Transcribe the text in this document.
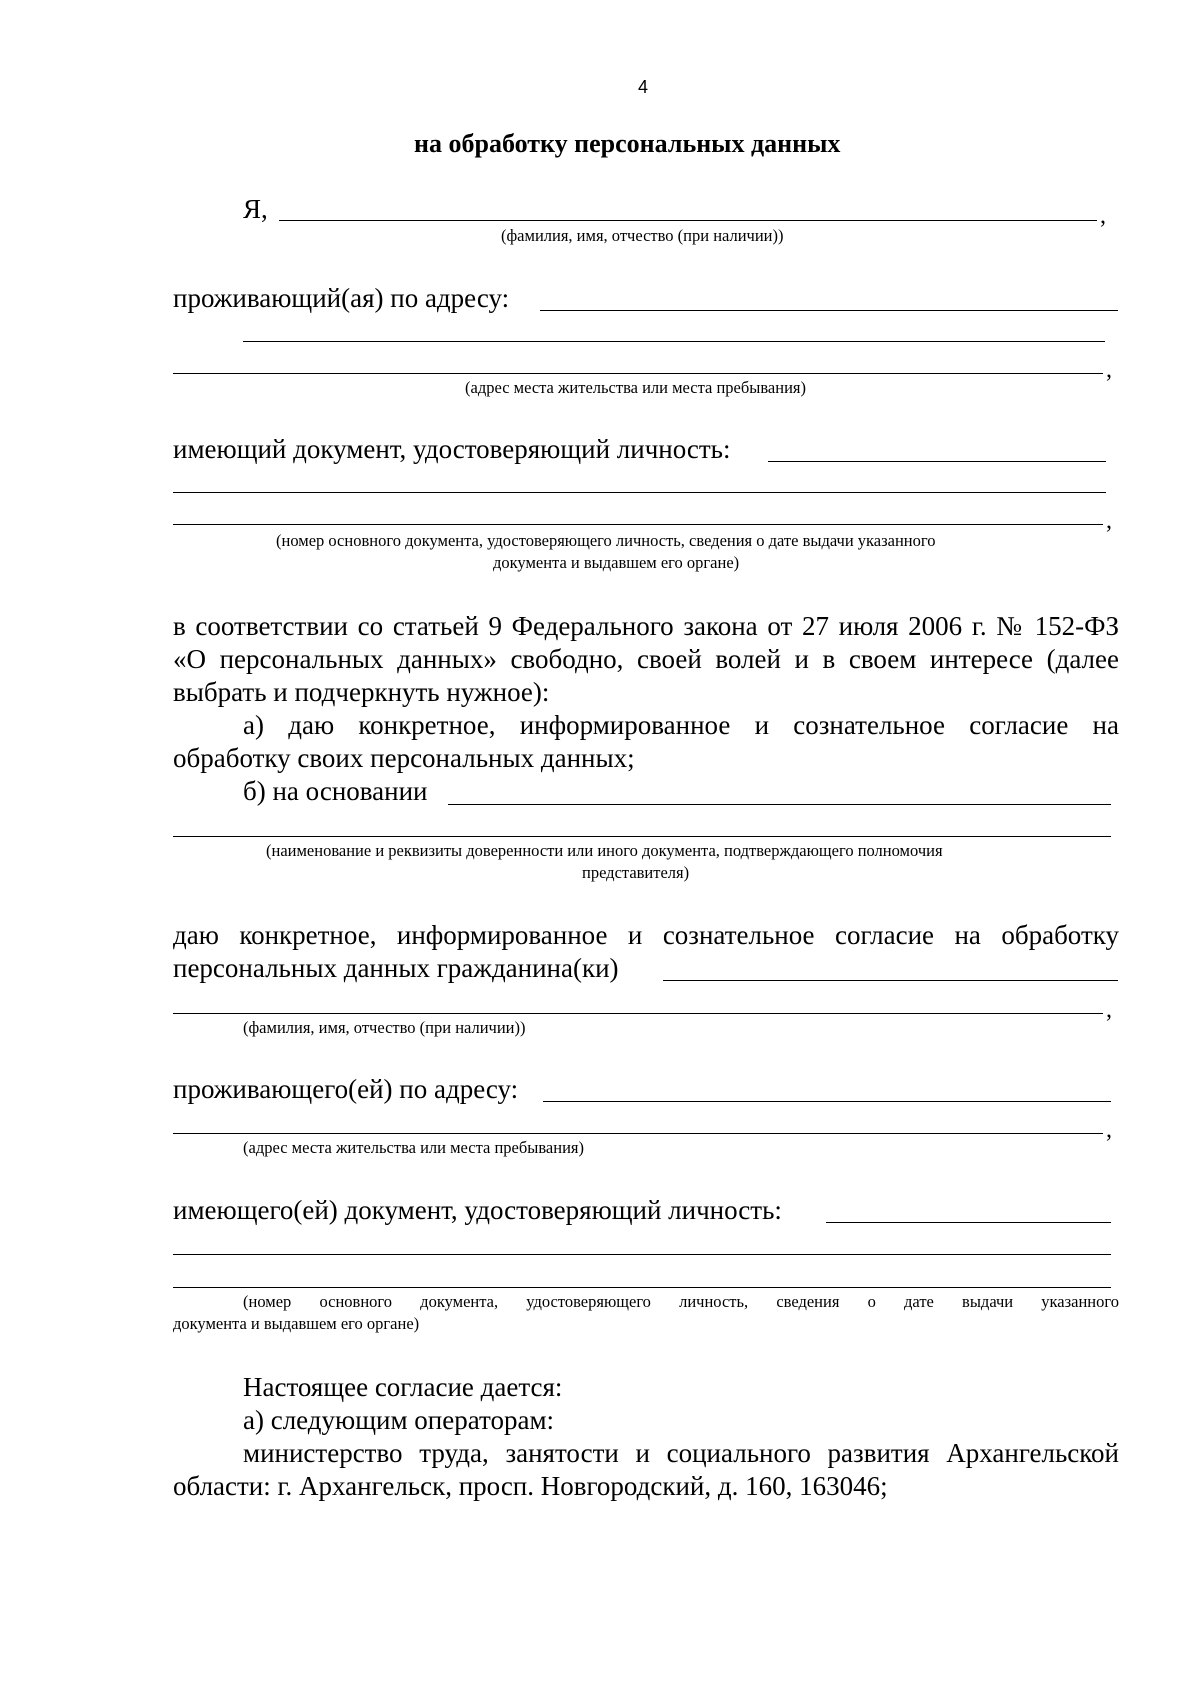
4
на обработку персональных данных
Я,	,
(фамилия, имя, отчество (при наличии))
проживающий(ая) по адресу:
,
(адрес места жительства или места пребывания)
имеющий документ, удостоверяющий личность:
,
(номер основного документа, удостоверяющего личность, сведения о дате выдачи указанного
документа и выдавшем его органе)
в соответствии со статьей 9 Федерального закона от 27 июля 2006 г. № 152-ФЗ
«О персональных данных» свободно, своей волей и в своем интересе (далее
выбрать и подчеркнуть нужное):
а) даю конкретное, информированное и сознательное согласие на
обработку своих персональных данных;
б) на основании
(наименование и реквизиты доверенности или иного документа, подтверждающего полномочия
представителя)
даю конкретное, информированное и сознательное согласие на обработку
персональных данных гражданина(ки)
,
(фамилия, имя, отчество (при наличии))
проживающего(ей) по адресу:
,
(адрес места жительства или места пребывания)
имеющего(ей) документ, удостоверяющий личность:
(номер основного документа, удостоверяющего личность, сведения о дате выдачи указанного
документа и выдавшем его органе)
Настоящее согласие дается:
а) следующим операторам:
министерство труда, занятости и социального развития Архангельской
области: г. Архангельск, просп. Новгородский, д. 160, 163046;
